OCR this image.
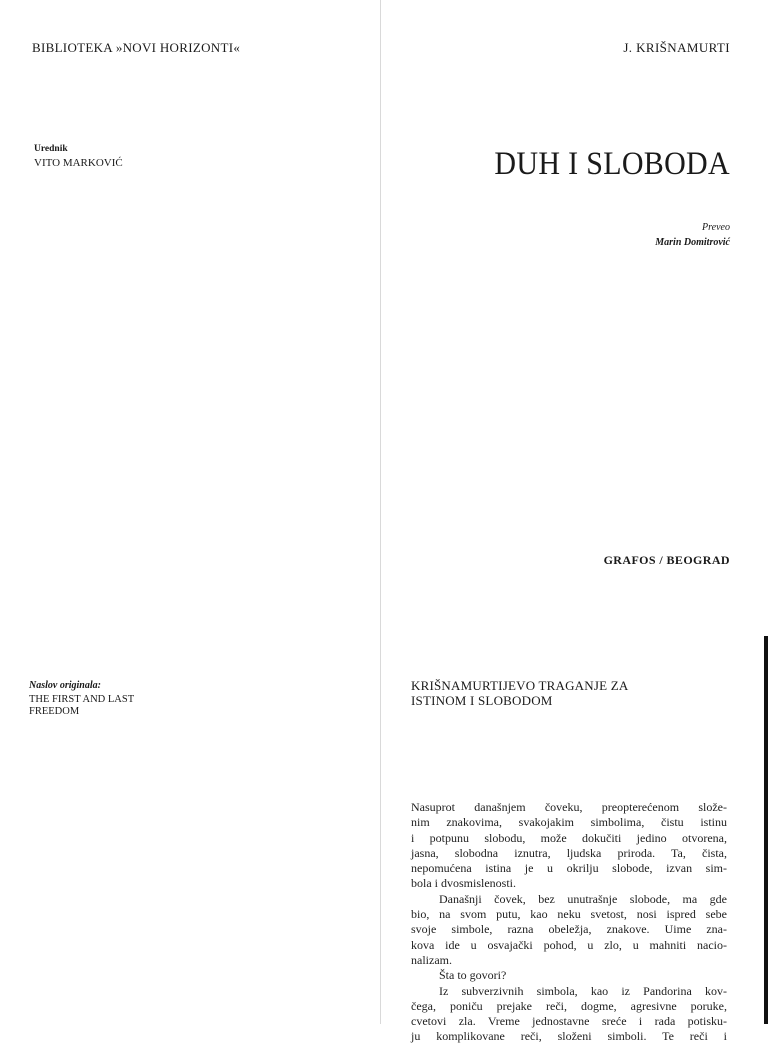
BIBLIOTEKA »NOVI HORIZONTI«

Urednik

VITO MARKOVIĆ

Naslov originala:

THE FIRST AND LAST FREEDOM

J. KRIŠNAMURTI

DUH I SLOBODA

Preveo

Marin Domitrović

GRAFOS / BEOGRAD

KRIŠNAMURTIJEVO TRAGANJE ZA
ISTINOM I SLOBODOM

Nasuprot današnjem čoveku, preopterećenom slože-

nim znakovima, svakojakim simbolima, čistu istinu

i potpunu slobodu, može dokučiti jedino otvorena,

jasna, slobodna iznutra, ljudska priroda. Ta, čista,

nepomućena istina je u okrilju slobode, izvan sim-

bola i dvosmislenosti.

Današnji čovek, bez unutrašnje slobode, ma gde

bio, na svom putu, kao neku svetost, nosi ispred sebe

svoje simbole, razna obeležja, znakove. Uime zna-

kova ide u osvajački pohod, u zlo, u mahniti nacio-

nalizam.

Šta to govori?

Iz subverzivnih simbola, kao iz Pandorina kov-

čega, poniču prejake reči, dogme, agresivne poruke,

cvetovi zla. Vreme jednostavne sreće i rada potisku-

ju komplikovane reči, složeni simboli. Te reči i
